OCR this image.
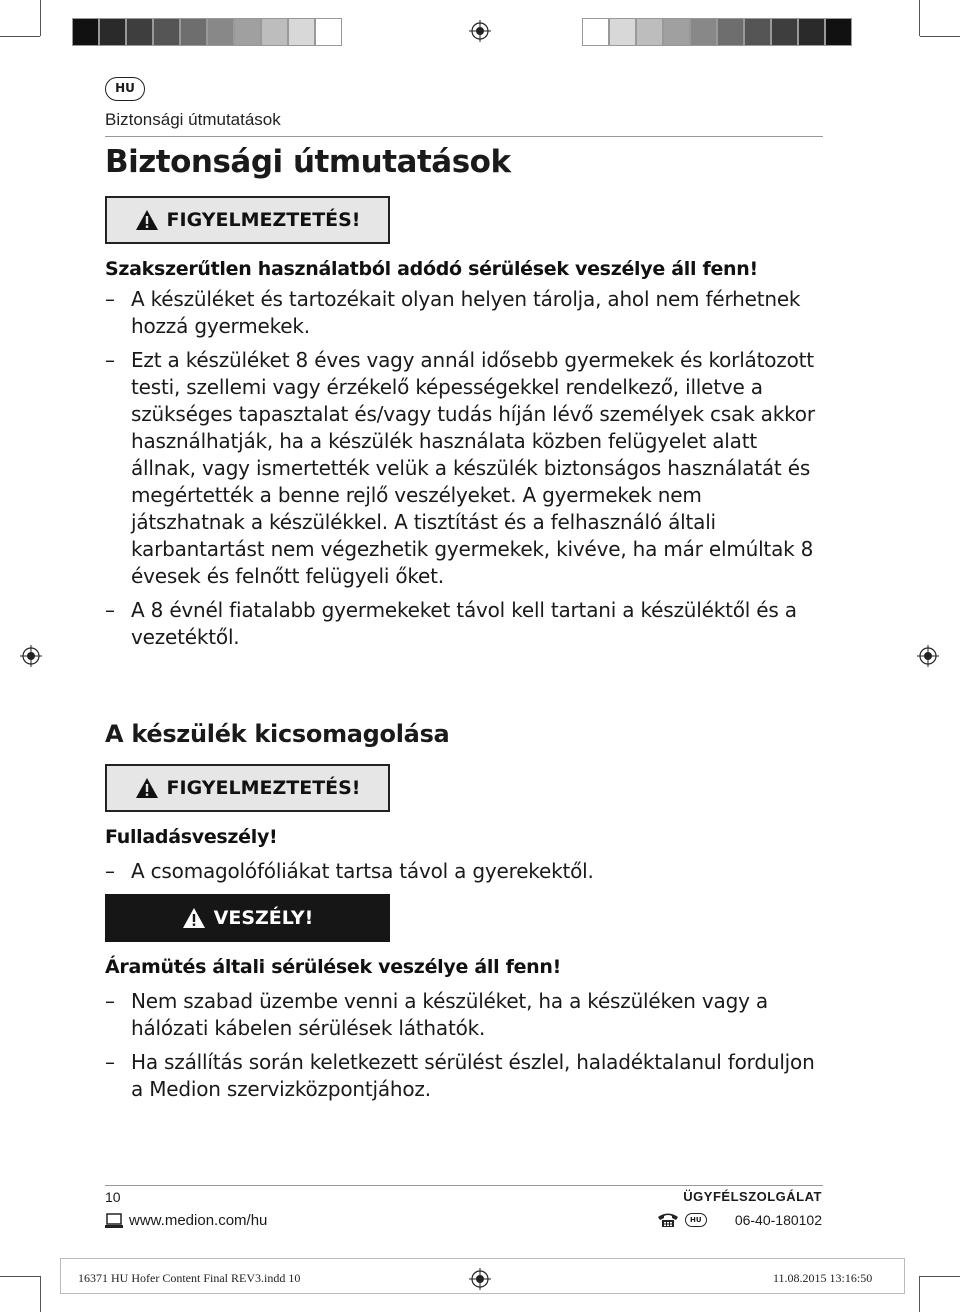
HU
Biztonsági útmutatások
Biztonsági útmutatások
FIGYELMEZTETÉS!

Szakszerűtlen használatból adódó sérülések veszélye áll fenn!

– A készüléket és tartozékait olyan helyen tárolja, ahol nem férhetnek hozzá gyermekek.
– Ezt a készüléket 8 éves vagy annál idősebb gyermekek és korlátozott testi, szellemi vagy érzékelő képességekkel rendelkező, illetve a szükséges tapasztalat és/vagy tudás híján lévő személyek csak akkor használhatják, ha a készülék használata közben felügyelet alatt állnak, vagy ismertették velük a készülék biztonságos használatát és megértették a benne rejlő veszélyeket. A gyermekek nem játszhatnak a készülékkel. A tisztítást és a felhasználó általi karbantartást nem végezhetik gyermekek, kivéve, ha már elmúltak 8 évesek és felnőtt felügyeli őket.
– A 8 évnél fiatalabb gyermekeket távol kell tartani a készüléktől és a vezetéktől.
A készülék kicsomagolása
FIGYELMEZTETÉS!

Fulladásveszély!

– A csomagolófóliákat tartsa távol a gyerekektől.
VESZÉLY!

Áramütés általi sérülések veszélye áll fenn!

– Nem szabad üzembe venni a készüléket, ha a készüléken vagy a hálózati kábelen sérülések láthatók.
– Ha szállítás során keletkezett sérülést észlel, haladéktalanul forduljon a Medion szervizközpontjához.
10	ÜGYFÉLSZOLGÁLAT
www.medion.com/hu	HU	06-40-180102
16371 HU Hofer Content Final REV3.indd 10	11.08.2015 13:16:50
